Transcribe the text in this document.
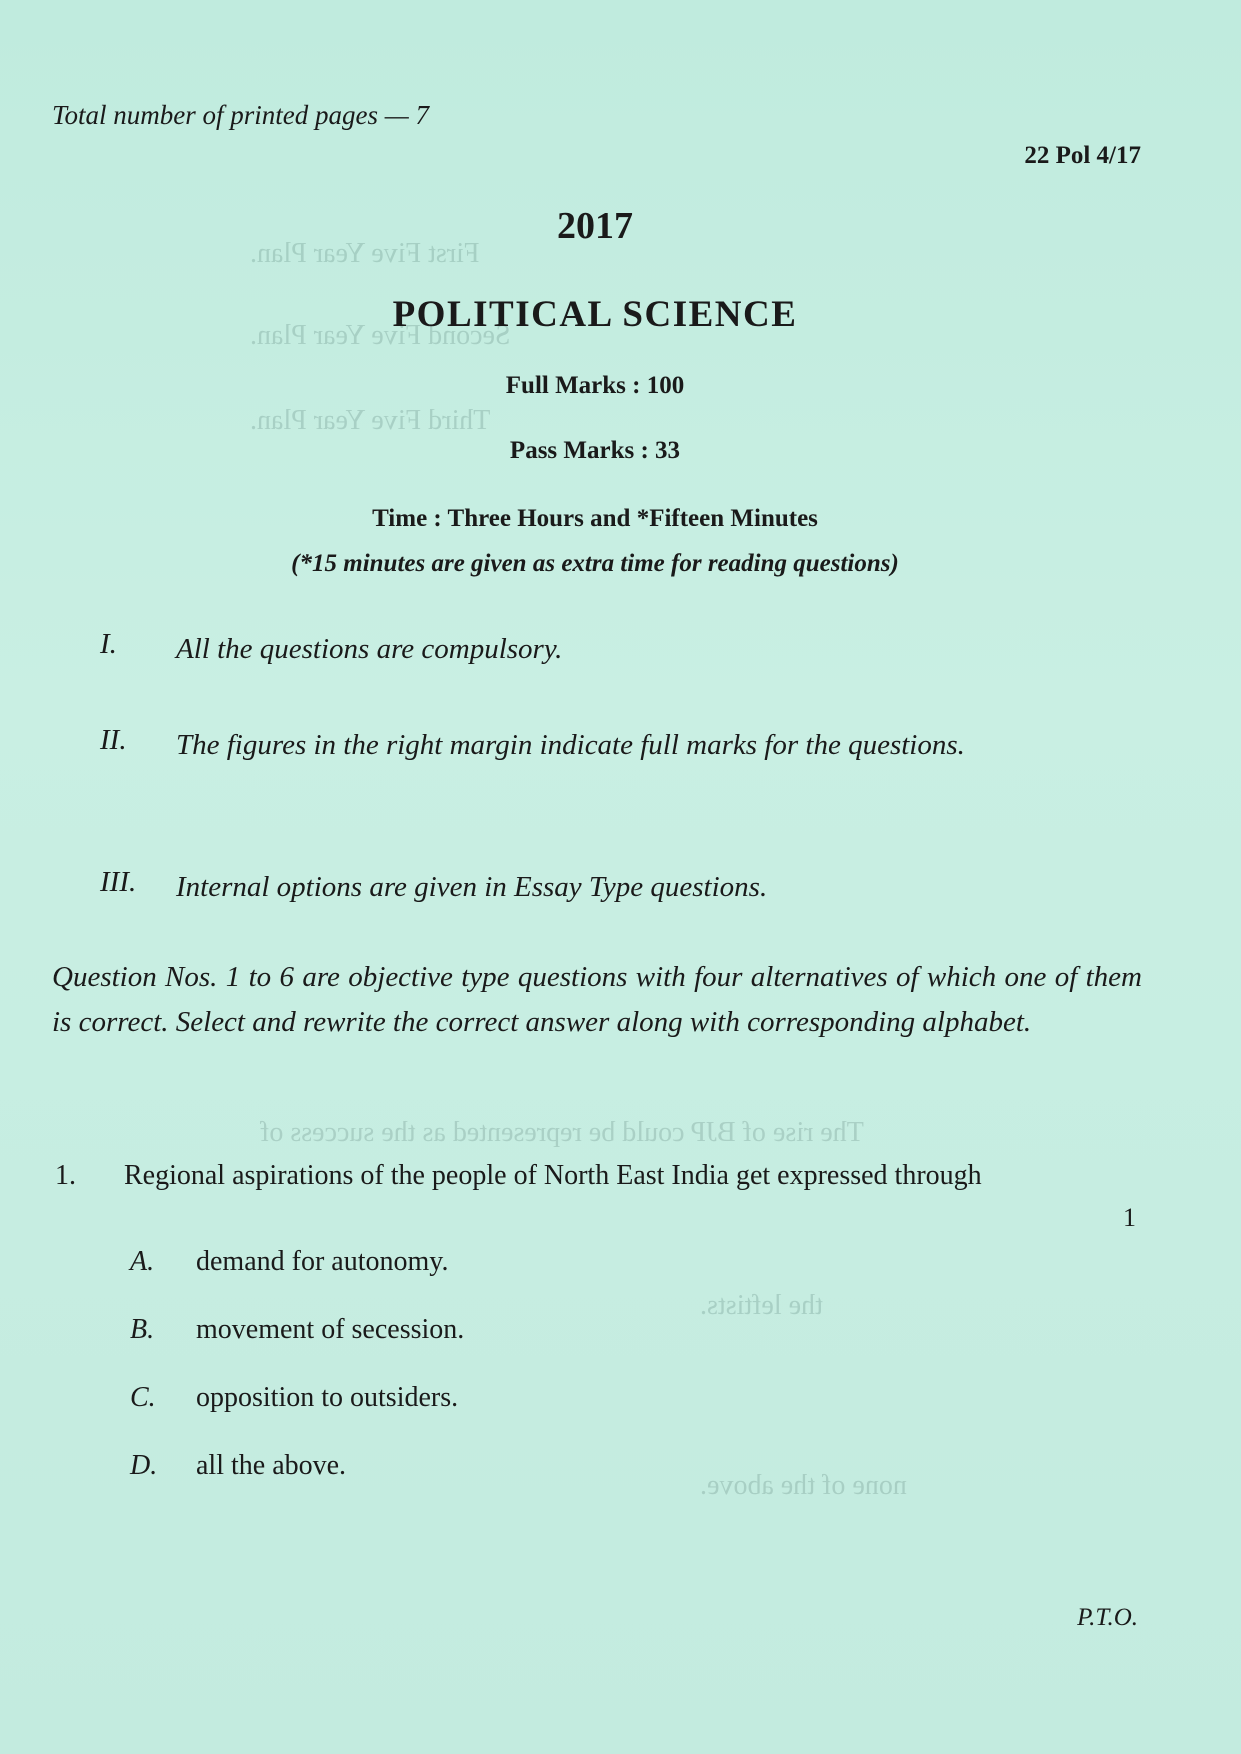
First Five Year Plan.
Second Five Year Plan.
Third Five Year Plan.
The rise of BJP could be represented as the success of
the leftists.
none of the above.
Total number of printed pages — 7
22 Pol 4/17
2017
POLITICAL SCIENCE
Full Marks : 100
Pass Marks : 33
Time : Three Hours and *Fifteen Minutes
(*15 minutes are given as extra time for reading questions)
I. All the questions are compulsory.
II. The figures in the right margin indicate full marks for the questions.
III. Internal options are given in Essay Type questions.
Question Nos. 1 to 6 are objective type questions with four alternatives of which one of them is correct. Select and rewrite the correct answer along with corresponding alphabet.
1. Regional aspirations of the people of North East India get expressed through
1
A. demand for autonomy.
B. movement of secession.
C. opposition to outsiders.
D. all the above.
P.T.O.
